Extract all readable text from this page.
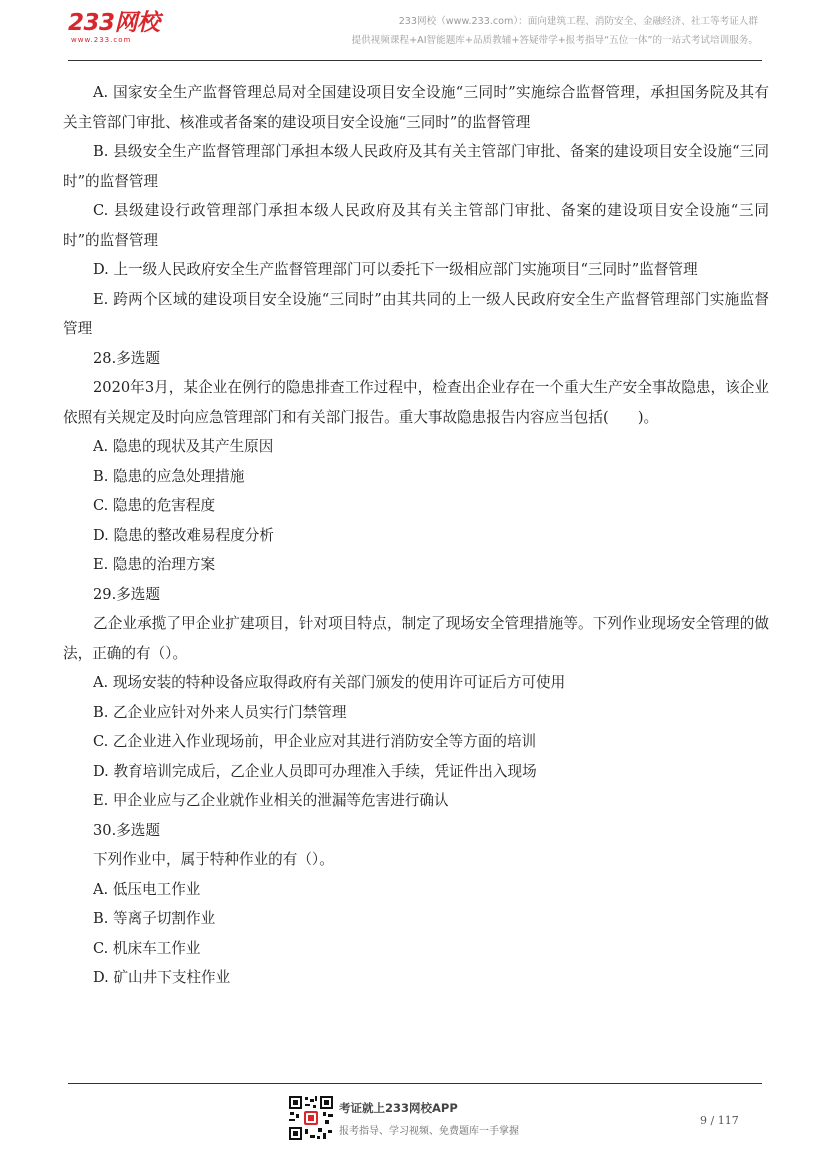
233网校
www.233.com
233网校（www.233.com）：面向建筑工程、消防安全、金融经济、社工等考证人群
提供视频课程+AI智能题库+品质教辅+答疑带学+报考指导“五位一体”的一站式考试培训服务。

A. 国家安全生产监督管理总局对全国建设项目安全设施“三同时”实施综合监督管理，承担国务院及其有关主管部门审批、核准或者备案的建设项目安全设施“三同时”的监督管理

B. 县级安全生产监督管理部门承担本级人民政府及其有关主管部门审批、备案的建设项目安全设施“三同时”的监督管理

C. 县级建设行政管理部门承担本级人民政府及其有关主管部门审批、备案的建设项目安全设施“三同时”的监督管理

D. 上一级人民政府安全生产监督管理部门可以委托下一级相应部门实施项目“三同时”监督管理

E. 跨两个区域的建设项目安全设施“三同时”由其共同的上一级人民政府安全生产监督管理部门实施监督管理

28.多选题

2020年3月，某企业在例行的隐患排查工作过程中，检查出企业存在一个重大生产安全事故隐患，该企业依照有关规定及时向应急管理部门和有关部门报告。重大事故隐患报告内容应当包括(　　)。

A. 隐患的现状及其产生原因

B. 隐患的应急处理措施

C. 隐患的危害程度

D. 隐患的整改难易程度分析

E. 隐患的治理方案

29.多选题

乙企业承揽了甲企业扩建项目，针对项目特点，制定了现场安全管理措施等。下列作业现场安全管理的做法，正确的有（）。

A. 现场安装的特种设备应取得政府有关部门颁发的使用许可证后方可使用

B. 乙企业应针对外来人员实行门禁管理

C. 乙企业进入作业现场前，甲企业应对其进行消防安全等方面的培训

D. 教育培训完成后，乙企业人员即可办理准入手续，凭证件出入现场

E. 甲企业应与乙企业就作业相关的泄漏等危害进行确认

30.多选题

下列作业中，属于特种作业的有（）。

A. 低压电工作业

B. 等离子切割作业

C. 机床车工作业

D. 矿山井下支柱作业

考证就上233网校APP
报考指导、学习视频、免费题库一手掌握
9 / 117
